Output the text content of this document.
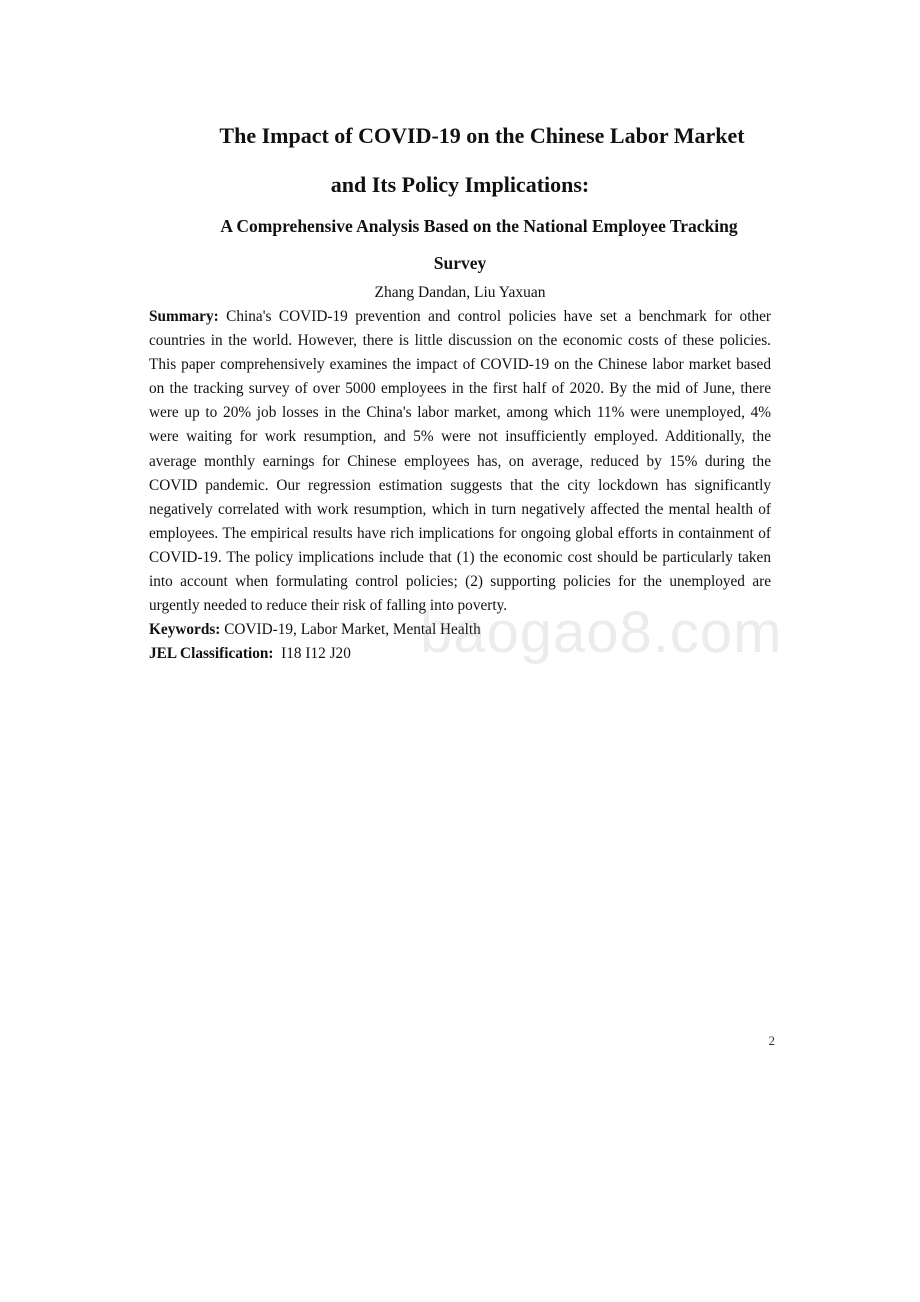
The Impact of COVID-19 on the Chinese Labor Market
and Its Policy Implications:
A Comprehensive Analysis Based on the National Employee Tracking
Survey
Zhang Dandan, Liu Yaxuan

Summary: China's COVID-19 prevention and control policies have set a benchmark for other countries in the world. However, there is little discussion on the economic costs of these policies. This paper comprehensively examines the impact of COVID-19 on the Chinese labor market based on the tracking survey of over 5000 employees in the first half of 2020. By the mid of June, there were up to 20% job losses in the China's labor market, among which 11% were unemployed, 4% were waiting for work resumption, and 5% were not insufficiently employed. Additionally, the average monthly earnings for Chinese employees has, on average, reduced by 15% during the COVID pandemic. Our regression estimation suggests that the city lockdown has significantly negatively correlated with work resumption, which in turn negatively affected the mental health of employees. The empirical results have rich implications for ongoing global efforts in containment of COVID-19. The policy implications include that (1) the economic cost should be particularly taken into account when formulating control policies; (2) supporting policies for the unemployed are urgently needed to reduce their risk of falling into poverty.

Keywords: COVID-19, Labor Market, Mental Health
JEL Classification:  I18 I12 J20 baogao8.com
2
